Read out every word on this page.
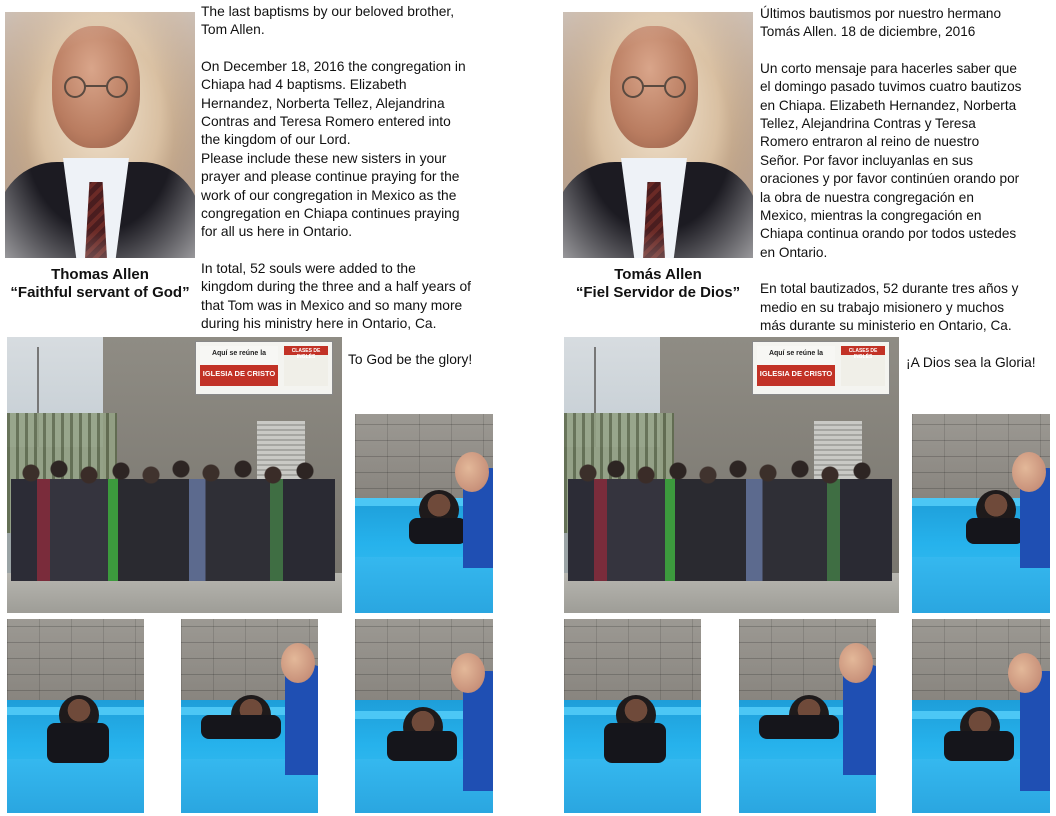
Thomas Allen
“Faithful servant of God”

The last baptisms by our beloved brother,
Tom Allen.

On December 18, 2016 the congregation in
Chiapa had 4 baptisms. Elizabeth
Hernandez, Norberta Tellez, Alejandrina
Contras and Teresa Romero entered into
the kingdom of our Lord.
Please include these new sisters in your
prayer and please continue praying for the
work of our congregation in Mexico as the
congregation en Chiapa continues praying
for all us here in Ontario.

In total, 52 souls were added to the
kingdom during the three and a half years of
that Tom was in Mexico and so many more
during his ministry here in Ontario, Ca.

To God be the glory!
Aquí se reúne la
IGLESIA DE CRISTO
CLASES DE INGLÉS
Tomás Allen
“Fiel Servidor de Dios”

Últimos bautismos por nuestro hermano
Tomás Allen. 18 de diciembre, 2016

Un corto mensaje para hacerles saber que
el domingo pasado tuvimos cuatro bautizos
en Chiapa. Elizabeth Hernandez, Norberta
Tellez, Alejandrina Contras y Teresa
Romero entraron al reino de nuestro
Señor. Por favor incluyanlas en sus
oraciones y por favor continúen orando por
la obra de nuestra congregación en
Mexico, mientras la congregación en
Chiapa continua orando por todos ustedes
en Ontario.

En total bautizados, 52 durante tres años y
medio en su trabajo misionero y muchos
más durante su ministerio en Ontario, Ca.

¡A Dios sea la Gloria!
Aquí se reúne la
IGLESIA DE CRISTO
CLASES DE INGLÉS
